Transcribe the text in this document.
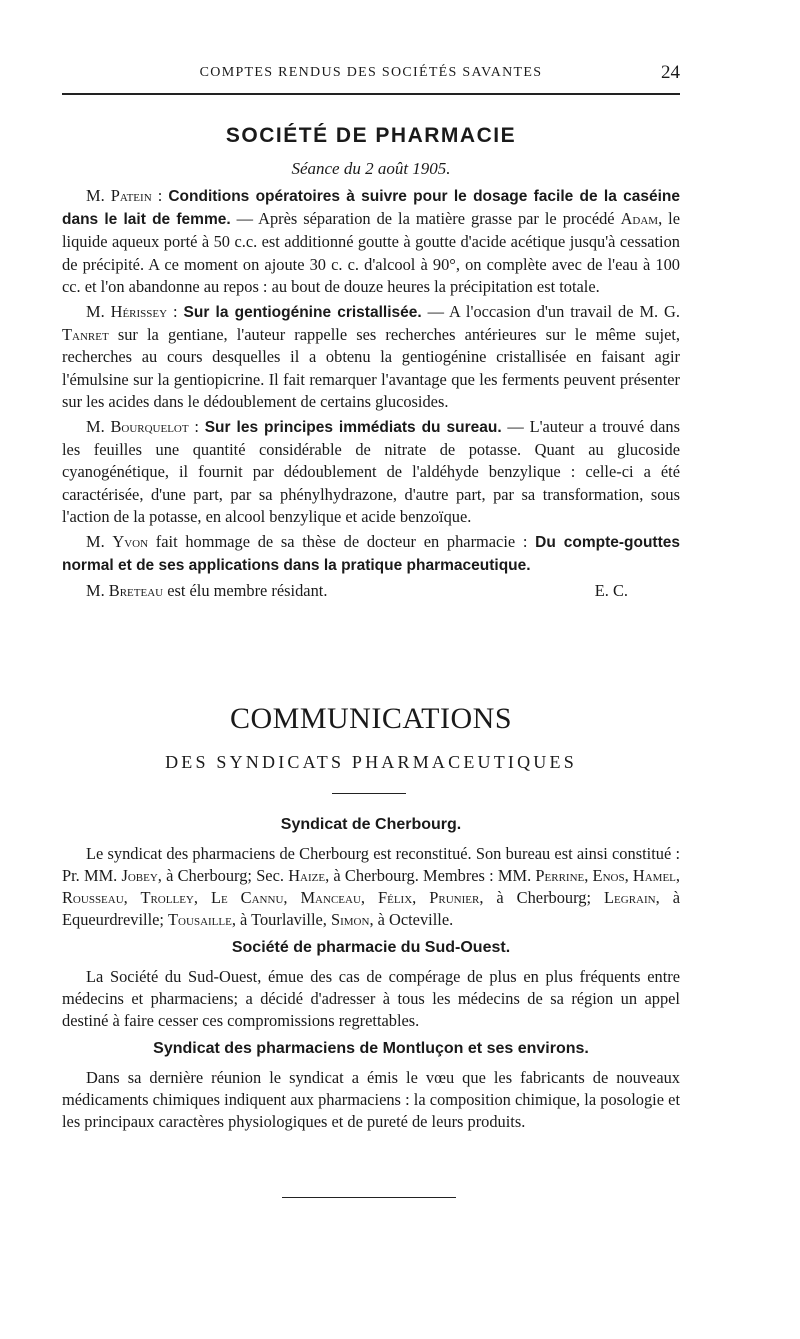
COMPTES RENDUS DES SOCIÉTÉS SAVANTES	24
SOCIÉTÉ DE PHARMACIE
Séance du 2 août 1905.

M. Patein : Conditions opératoires à suivre pour le dosage facile de la caséine dans le lait de femme. — Après séparation de la matière grasse par le procédé Adam, le liquide aqueux porté à 50 c.c. est additionné goutte à goutte d'acide acétique jusqu'à cessation de précipité. A ce moment on ajoute 30 c. c. d'alcool à 90°, on complète avec de l'eau à 100 cc. et l'on abandonne au repos : au bout de douze heures la précipitation est totale.

M. Hérissey : Sur la gentiogénine cristallisée. — A l'occasion d'un travail de M. G. Tanret sur la gentiane, l'auteur rappelle ses recherches antérieures sur le même sujet, recherches au cours desquelles il a obtenu la gentiogénine cristallisée en faisant agir l'émulsine sur la gentiopicrine. Il fait remarquer l'avantage que les ferments peuvent présenter sur les acides dans le dédoublement de certains glucosides.

M. Bourquelot : Sur les principes immédiats du sureau. — L'auteur a trouvé dans les feuilles une quantité considérable de nitrate de potasse. Quant au glucoside cyanogénétique, il fournit par dédoublement de l'aldéhyde benzylique : celle-ci a été caractérisée, d'une part, par sa phénylhydrazone, d'autre part, par sa transformation, sous l'action de la potasse, en alcool benzylique et acide benzoïque.

M. Yvon fait hommage de sa thèse de docteur en pharmacie : Du compte-gouttes normal et de ses applications dans la pratique pharmaceutique.

M. Breteau est élu membre résidant.	E. C.

COMMUNICATIONS
DES SYNDICATS PHARMACEUTIQUES
Syndicat de Cherbourg.

Le syndicat des pharmaciens de Cherbourg est reconstitué. Son bureau est ainsi constitué : Pr. MM. Jobey, à Cherbourg; Sec. Haize, à Cherbourg. Membres : MM. Perrine, Enos, Hamel, Rousseau, Trolley, Le Cannu, Manceau, Félix, Prunier, à Cherbourg; Legrain, à Equeurdreville; Tousaille, à Tourlaville, Simon, à Octeville.

Société de pharmacie du Sud-Ouest.

La Société du Sud-Ouest, émue des cas de compérage de plus en plus fréquents entre médecins et pharmaciens; a décidé d'adresser à tous les médecins de sa région un appel destiné à faire cesser ces compromissions regrettables.

Syndicat des pharmaciens de Montluçon et ses environs.

Dans sa dernière réunion le syndicat a émis le vœu que les fabricants de nouveaux médicaments chimiques indiquent aux pharmaciens : la composition chimique, la posologie et les principaux caractères physiologiques et de pureté de leurs produits.
